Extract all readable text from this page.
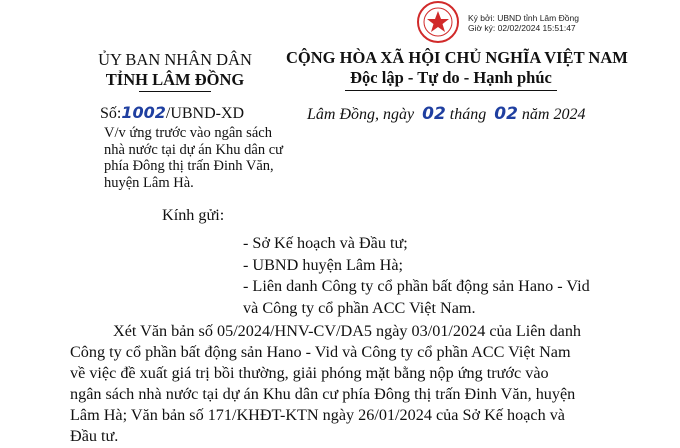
Ký bởi: UBND tỉnh Lâm Đồng
Giờ ký: 02/02/2024 15:51:47
ỦY BAN NHÂN DÂN
TỈNH LÂM ĐỒNG
Số:1002/UBND-XD
V/v ứng trước vào ngân sách
nhà nước tại dự án Khu dân cư
phía Đông thị trấn Đinh Văn,
huyện Lâm Hà.
CỘNG HÒA XÃ HỘI CHỦ NGHĨA VIỆT NAM
Độc lập - Tự do - Hạnh phúc
Lâm Đồng, ngày 02 tháng 02 năm 2024
Kính gửi:
- Sở Kế hoạch và Đầu tư;
- UBND huyện Lâm Hà;
- Liên danh Công ty cổ phần bất động sản Hano - Vid
và Công ty cổ phần ACC Việt Nam.
Xét Văn bản số 05/2024/HNV-CV/DA5 ngày 03/01/2024 của Liên danh
Công ty cổ phần bất động sản Hano - Vid và Công ty cổ phần ACC Việt Nam
về việc đề xuất giá trị bồi thường, giải phóng mặt bằng nộp ứng trước vào
ngân sách nhà nước tại dự án Khu dân cư phía Đông thị trấn Đinh Văn, huyện
Lâm Hà; Văn bản số 171/KHĐT-KTN ngày 26/01/2024 của Sở Kế hoạch và
Đầu tư.
